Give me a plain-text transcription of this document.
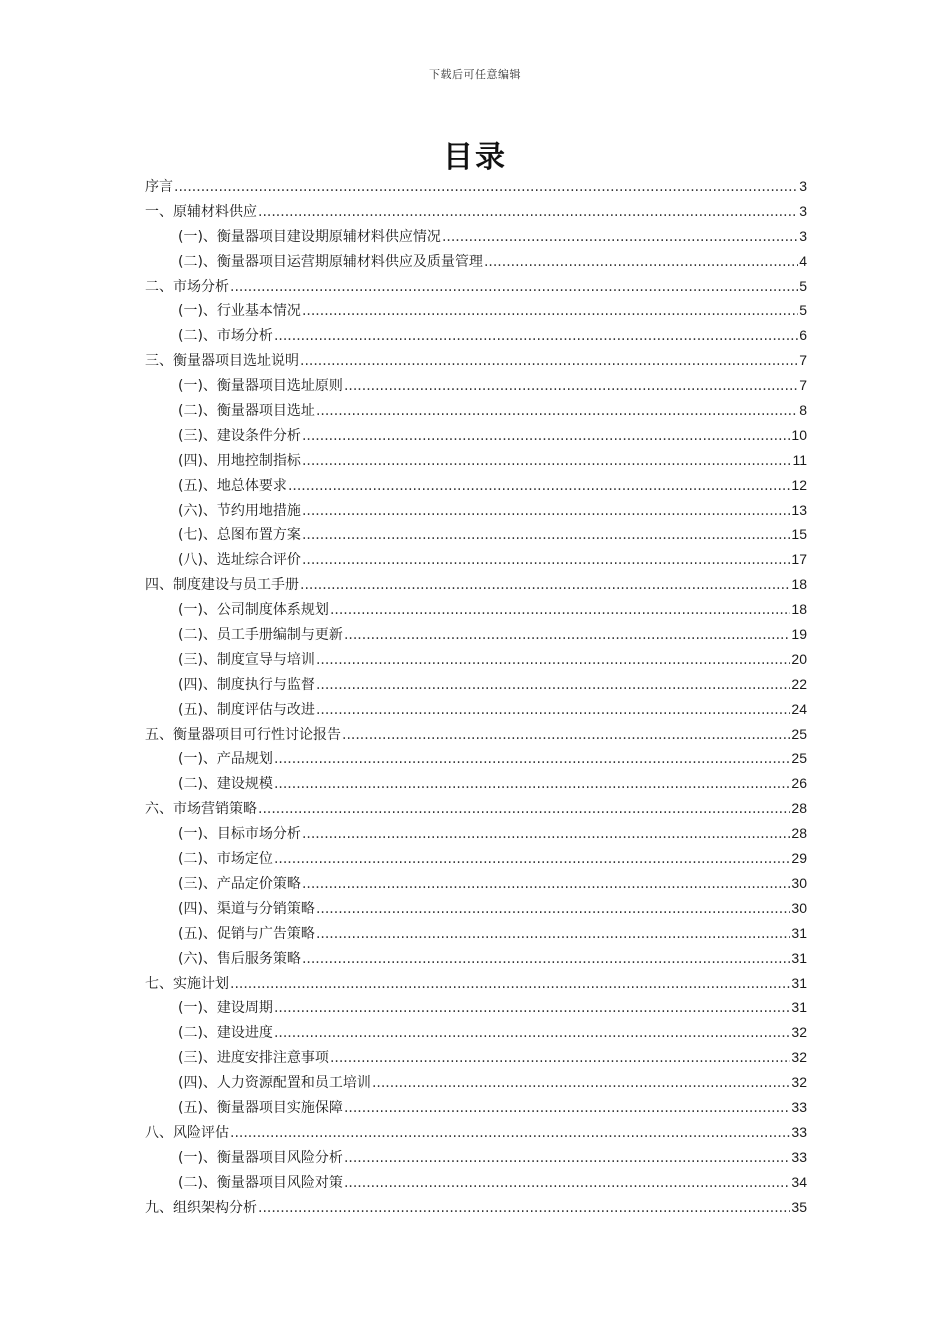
下载后可任意编辑
目录
序言 .....	3
一、原辅材料供应 .....	3
(一)、衡量器项目建设期原辅材料供应情况 .....	3
(二)、衡量器项目运营期原辅材料供应及质量管理 .....	4
二、市场分析 .....	5
(一)、行业基本情况 .....	5
(二)、市场分析 .....	6
三、衡量器项目选址说明 .....	7
(一)、衡量器项目选址原则 .....	7
(二)、衡量器项目选址 .....	8
(三)、建设条件分析 .....	10
(四)、用地控制指标 .....	11
(五)、地总体要求 .....	12
(六)、节约用地措施 .....	13
(七)、总图布置方案 .....	15
(八)、选址综合评价 .....	17
四、制度建设与员工手册 .....	18
(一)、公司制度体系规划 .....	18
(二)、员工手册编制与更新 .....	19
(三)、制度宣导与培训 .....	20
(四)、制度执行与监督 .....	22
(五)、制度评估与改进 .....	24
五、衡量器项目可行性讨论报告 .....	25
(一)、产品规划 .....	25
(二)、建设规模 .....	26
六、市场营销策略 .....	28
(一)、目标市场分析 .....	28
(二)、市场定位 .....	29
(三)、产品定价策略 .....	30
(四)、渠道与分销策略 .....	30
(五)、促销与广告策略 .....	31
(六)、售后服务策略 .....	31
七、实施计划 .....	31
(一)、建设周期 .....	31
(二)、建设进度 .....	32
(三)、进度安排注意事项 .....	32
(四)、人力资源配置和员工培训 .....	32
(五)、衡量器项目实施保障 .....	33
八、风险评估 .....	33
(一)、衡量器项目风险分析 .....	33
(二)、衡量器项目风险对策 .....	34
九、组织架构分析 .....	35
